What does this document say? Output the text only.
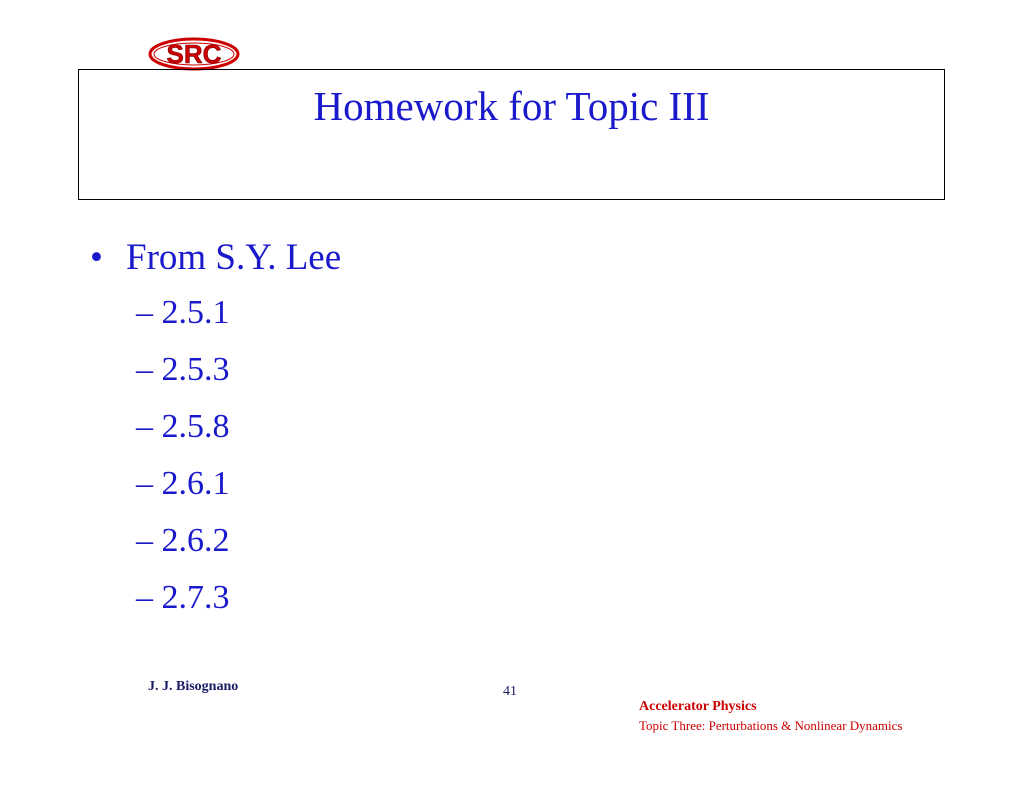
SRC
Homework for Topic III
• From S.Y. Lee
– 2.5.1
– 2.5.3
– 2.5.8
– 2.6.1
– 2.6.2
– 2.7.3
J. J. Bisognano	41
Accelerator Physics
Topic Three: Perturbations & Nonlinear Dynamics
